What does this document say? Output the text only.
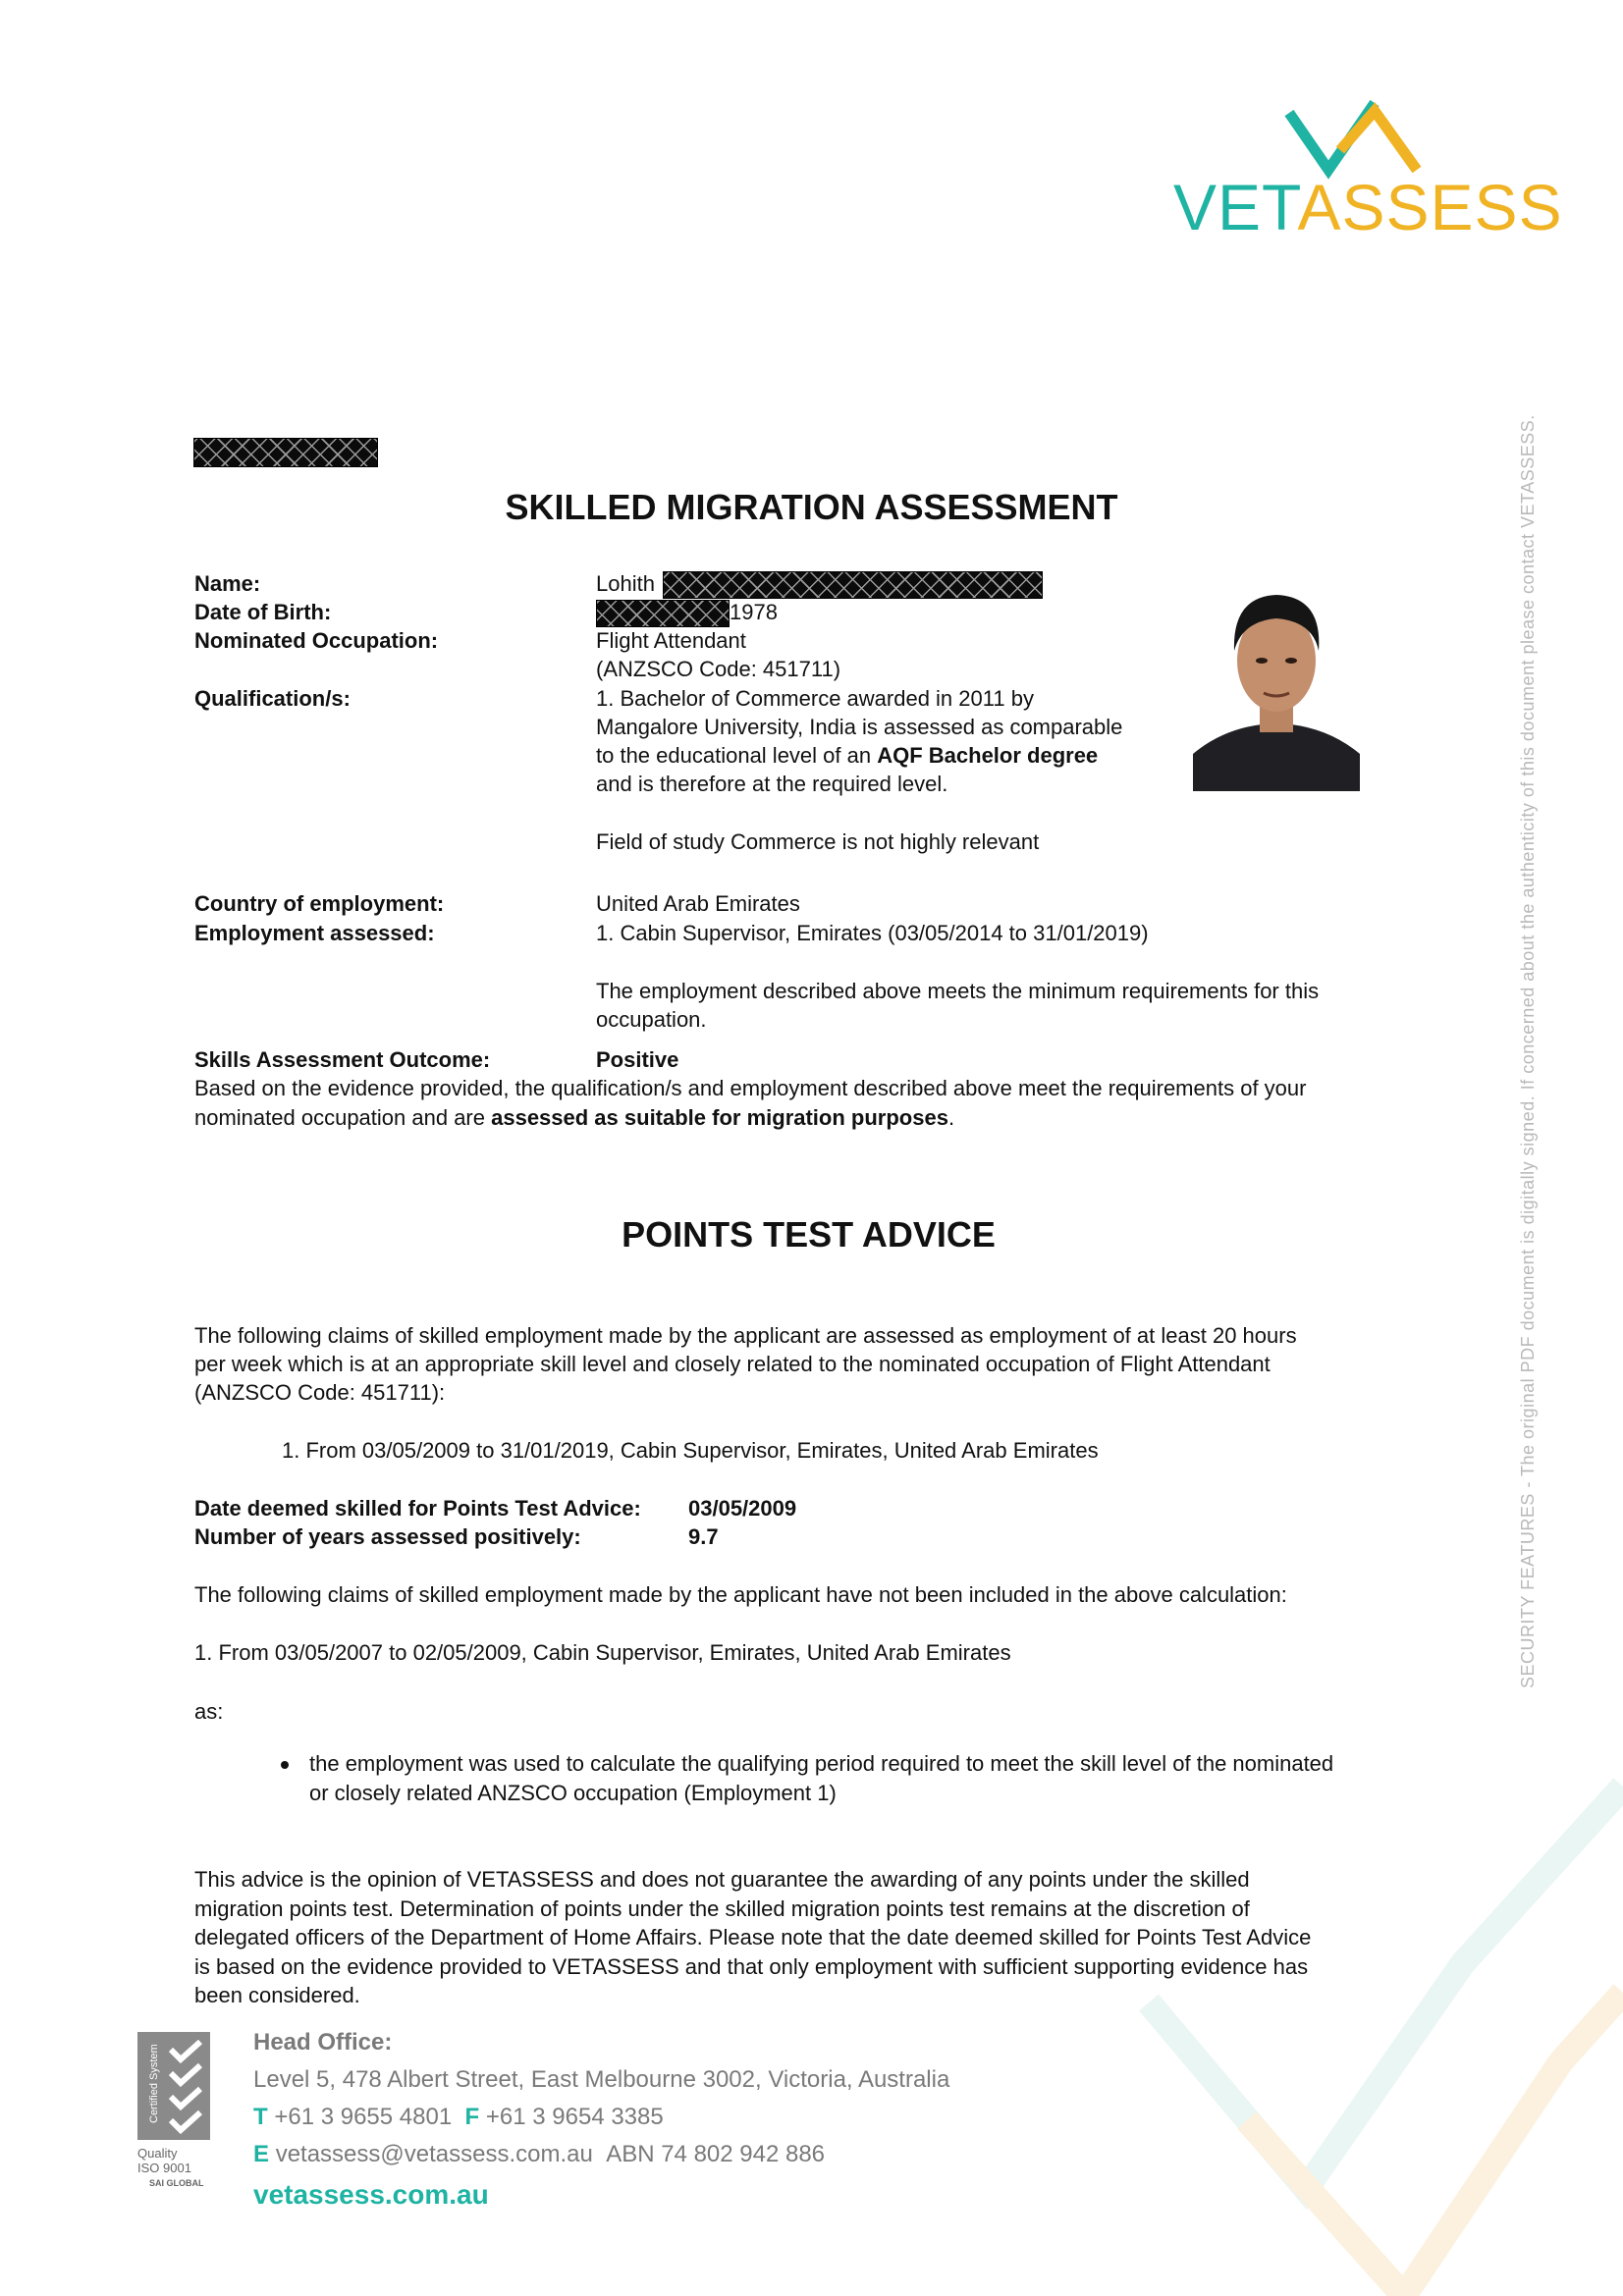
VETASSESS
SECURITY FEATURES - The original PDF document is digitally signed. If concerned about the authenticity of this document please contact VETASSESS.
SKILLED MIGRATION ASSESSMENT
Name:	Lohith
Date of Birth:	1978
Nominated Occupation:	Flight Attendant
(ANZSCO Code: 451711)
Qualification/s:	1. Bachelor of Commerce awarded in 2011 by
Mangalore University, India is assessed as comparable
to the educational level of an AQF Bachelor degree
and is therefore at the required level.
Field of study Commerce is not highly relevant
Country of employment:	United Arab Emirates
Employment assessed:	1. Cabin Supervisor, Emirates (03/05/2014 to 31/01/2019)
The employment described above meets the minimum requirements for this
occupation.
Skills Assessment Outcome:	Positive
Based on the evidence provided, the qualification/s and employment described above meet the requirements of your
nominated occupation and are assessed as suitable for migration purposes.
POINTS TEST ADVICE
The following claims of skilled employment made by the applicant are assessed as employment of at least 20 hours
per week which is at an appropriate skill level and closely related to the nominated occupation of Flight Attendant
(ANZSCO Code: 451711):
1. From 03/05/2009 to 31/01/2019, Cabin Supervisor, Emirates, United Arab Emirates
Date deemed skilled for Points Test Advice: 03/05/2009
Number of years assessed positively:	9.7
The following claims of skilled employment made by the applicant have not been included in the above calculation:
1. From 03/05/2007 to 02/05/2009, Cabin Supervisor, Emirates, United Arab Emirates
as:
the employment was used to calculate the qualifying period required to meet the skill level of the nominated
or closely related ANZSCO occupation (Employment 1)
This advice is the opinion of VETASSESS and does not guarantee the awarding of any points under the skilled
migration points test. Determination of points under the skilled migration points test remains at the discretion of
delegated officers of the Department of Home Affairs. Please note that the date deemed skilled for Points Test Advice
is based on the evidence provided to VETASSESS and that only employment with sufficient supporting evidence has
been considered.
Certified System
Quality
ISO 9001
SAI GLOBAL
Head Office:
Level 5, 478 Albert Street, East Melbourne 3002, Victoria, Australia
T +61 3 9655 4801 F +61 3 9654 3385
E vetassess@vetassess.com.au ABN 74 802 942 886
vetassess.com.au
